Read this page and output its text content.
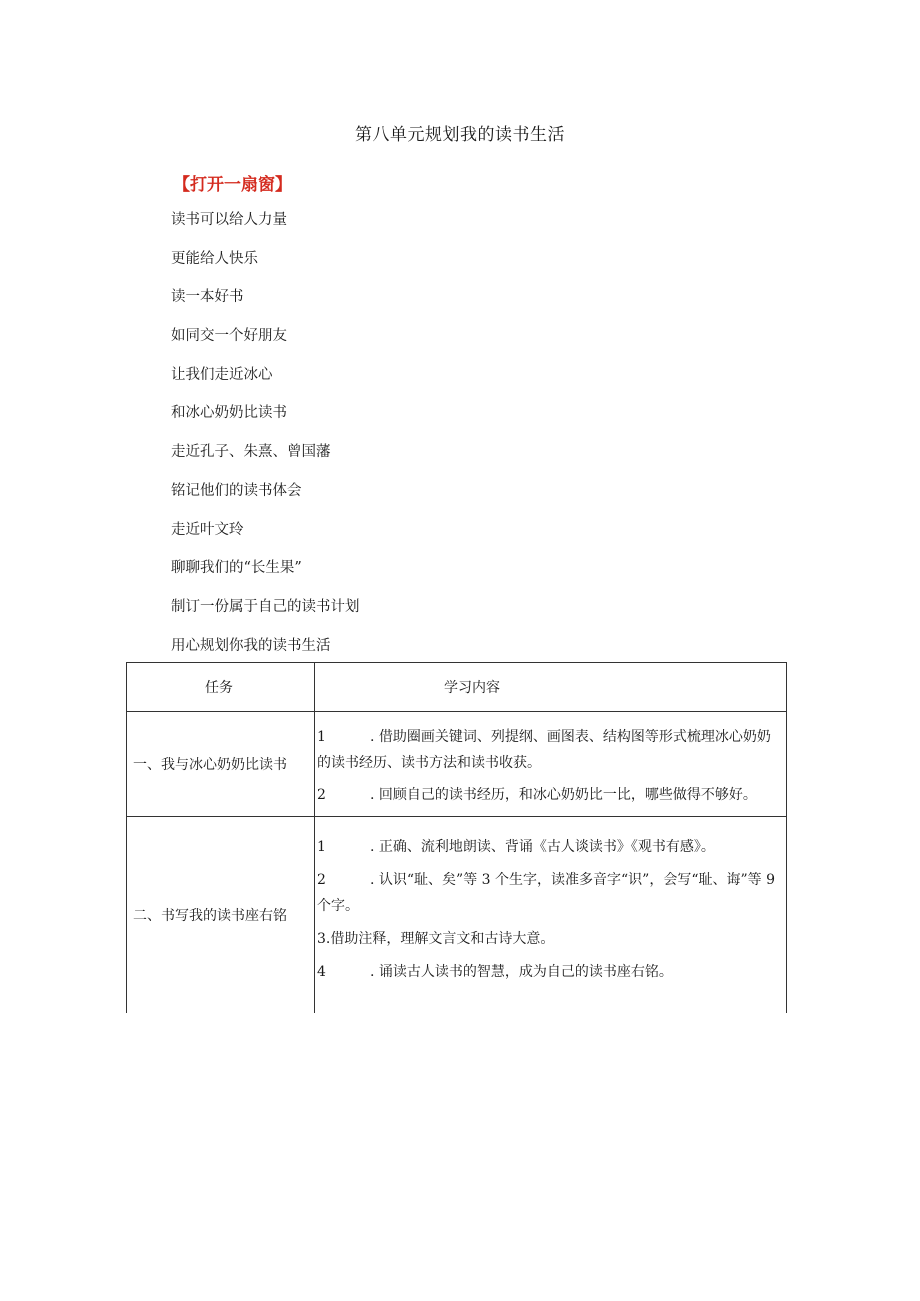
第八单元规划我的读书生活
【打开一扇窗】
读书可以给人力量
更能给人快乐
读一本好书
如同交一个好朋友
让我们走近冰心
和冰心奶奶比读书
走近孔子、朱熹、曾国藩
铭记他们的读书体会
走近叶文玲
聊聊我们的“长生果”
制订一份属于自己的读书计划
用心规划你我的读书生活
任务	学习内容

一、我与冰心奶奶比读书	1 . 借助圈画关键词、列提纲、画图表、结构图等形式梳理冰心奶奶的读书经历、读书方法和读书收获。
2 . 回顾自己的读书经历，和冰心奶奶比一比，哪些做得不够好。

二、书写我的读书座右铭	1 . 正确、流利地朗读、背诵《古人谈读书》《观书有感》。
2 . 认识“耻、矣”等 3 个生字，读准多音字“识”，会写“耻、诲”等 9 个字。
3.借助注释，理解文言文和古诗大意。
4 . 诵读古人读书的智慧，成为自己的读书座右铭。
